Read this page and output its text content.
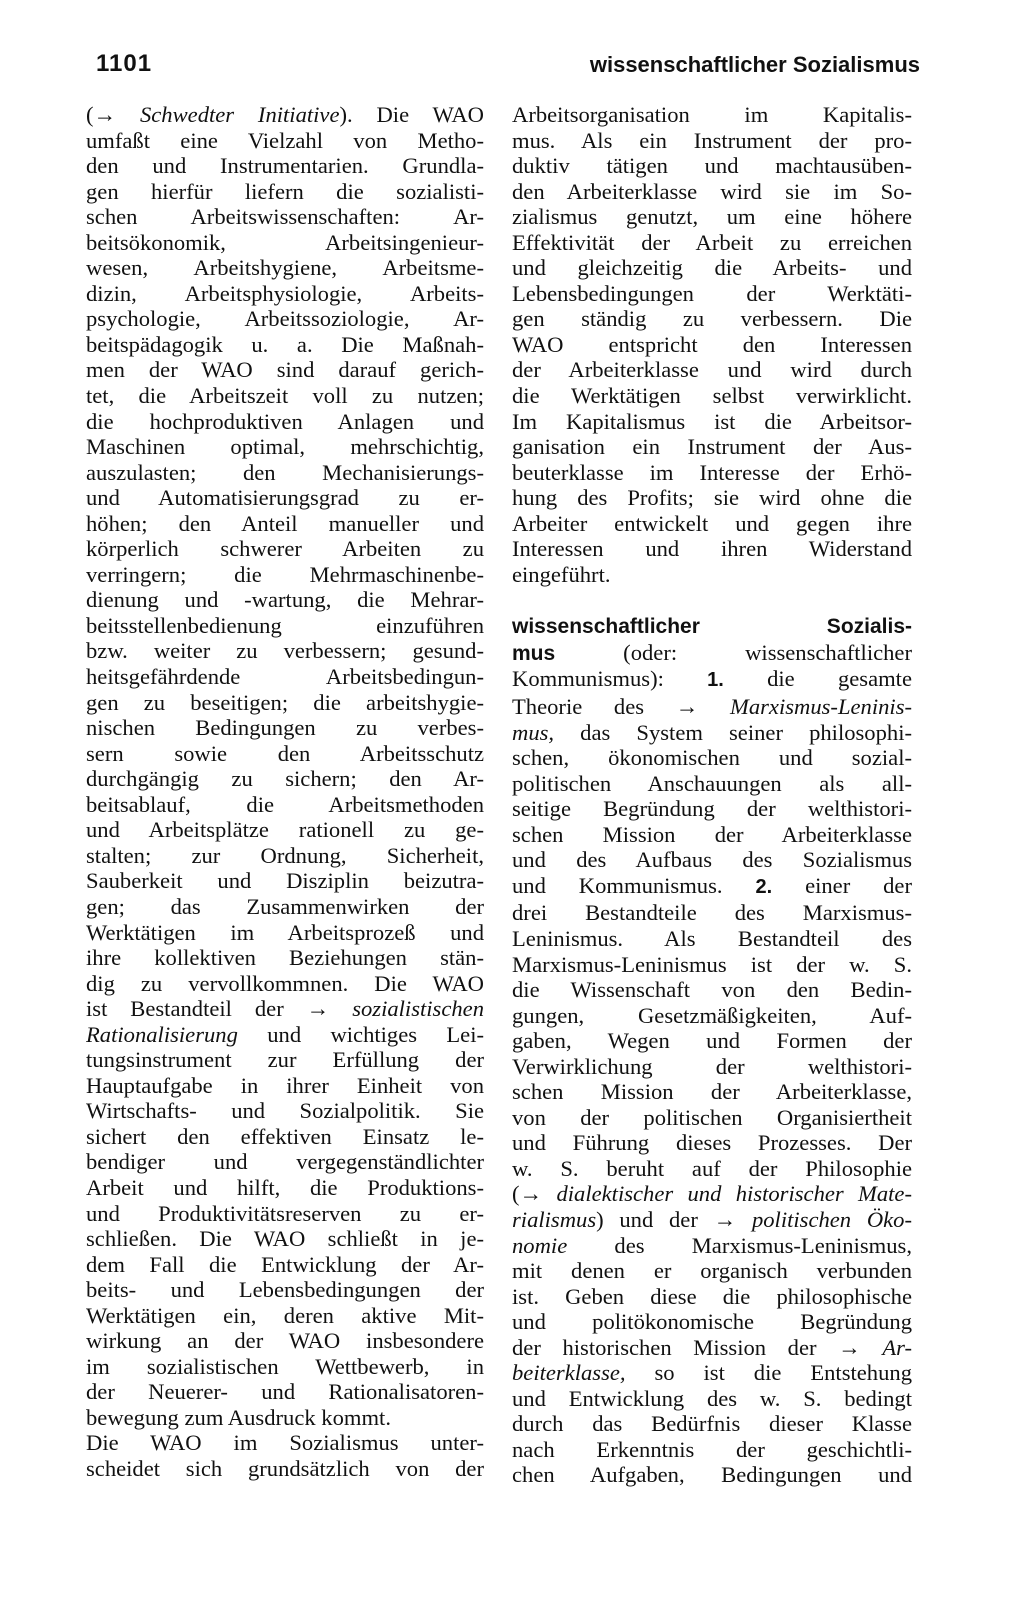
1101	wissenschaftlicher Sozialismus
(→ Schwedter Initiative). Die WAO
umfaßt eine Vielzahl von Metho-
den und Instrumentarien. Grundla-
gen hierfür liefern die sozialisti-
schen Arbeitswissenschaften: Ar-
beitsökonomik, Arbeitsingenieur-
wesen, Arbeitshygiene, Arbeitsme-
dizin, Arbeitsphysiologie, Arbeits-
psychologie, Arbeitssoziologie, Ar-
beitspädagogik u. a. Die Maßnah-
men der WAO sind darauf gerich-
tet, die Arbeitszeit voll zu nutzen;
die hochproduktiven Anlagen und
Maschinen optimal, mehrschichtig,
auszulasten; den Mechanisierungs-
und Automatisierungsgrad zu er-
höhen; den Anteil manueller und
körperlich schwerer Arbeiten zu
verringern; die Mehrmaschinenbe-
dienung und -wartung, die Mehrar-
beitsstellenbedienung einzuführen
bzw. weiter zu verbessern; gesund-
heitsgefährdende Arbeitsbedingun-
gen zu beseitigen; die arbeitshygie-
nischen Bedingungen zu verbes-
sern sowie den Arbeitsschutz
durchgängig zu sichern; den Ar-
beitsablauf, die Arbeitsmethoden
und Arbeitsplätze rationell zu ge-
stalten; zur Ordnung, Sicherheit,
Sauberkeit und Disziplin beizutra-
gen; das Zusammenwirken der
Werktätigen im Arbeitsprozeß und
ihre kollektiven Beziehungen stän-
dig zu vervollkommnen. Die WAO
ist Bestandteil der → sozialistischen
Rationalisierung und wichtiges Lei-
tungsinstrument zur Erfüllung der
Hauptaufgabe in ihrer Einheit von
Wirtschafts- und Sozialpolitik. Sie
sichert den effektiven Einsatz le-
bendiger und vergegenständlichter
Arbeit und hilft, die Produktions-
und Produktivitätsreserven zu er-
schließen. Die WAO schließt in je-
dem Fall die Entwicklung der Ar-
beits- und Lebensbedingungen der
Werktätigen ein, deren aktive Mit-
wirkung an der WAO insbesondere
im sozialistischen Wettbewerb, in
der Neuerer- und Rationalisatoren-
bewegung zum Ausdruck kommt.
Die WAO im Sozialismus unter-
scheidet sich grundsätzlich von der
Arbeitsorganisation im Kapitalis-
mus. Als ein Instrument der pro-
duktiv tätigen und machtausüben-
den Arbeiterklasse wird sie im So-
zialismus genutzt, um eine höhere
Effektivität der Arbeit zu erreichen
und gleichzeitig die Arbeits- und
Lebensbedingungen der Werktäti-
gen ständig zu verbessern. Die
WAO entspricht den Interessen
der Arbeiterklasse und wird durch
die Werktätigen selbst verwirklicht.
Im Kapitalismus ist die Arbeitsor-
ganisation ein Instrument der Aus-
beuterklasse im Interesse der Erhö-
hung des Profits; sie wird ohne die
Arbeiter entwickelt und gegen ihre
Interessen und ihren Widerstand
eingeführt.
wissenschaftlicher Sozialis-
mus (oder: wissenschaftlicher
Kommunismus): 1. die gesamte
Theorie des → Marxismus-Leninis-
mus, das System seiner philosophi-
schen, ökonomischen und sozial-
politischen Anschauungen als all-
seitige Begründung der welthistori-
schen Mission der Arbeiterklasse
und des Aufbaus des Sozialismus
und Kommunismus. 2. einer der
drei Bestandteile des Marxismus-
Leninismus. Als Bestandteil des
Marxismus-Leninismus ist der w. S.
die Wissenschaft von den Bedin-
gungen, Gesetzmäßigkeiten, Auf-
gaben, Wegen und Formen der
Verwirklichung der welthistori-
schen Mission der Arbeiterklasse,
von der politischen Organisiertheit
und Führung dieses Prozesses. Der
w. S. beruht auf der Philosophie
(→ dialektischer und historischer Mate-
rialismus) und der → politischen Öko-
nomie des Marxismus-Leninismus,
mit denen er organisch verbunden
ist. Geben diese die philosophische
und politökonomische Begründung
der historischen Mission der → Ar-
beiterklasse, so ist die Entstehung
und Entwicklung des w. S. bedingt
durch das Bedürfnis dieser Klasse
nach Erkenntnis der geschichtli-
chen Aufgaben, Bedingungen und
